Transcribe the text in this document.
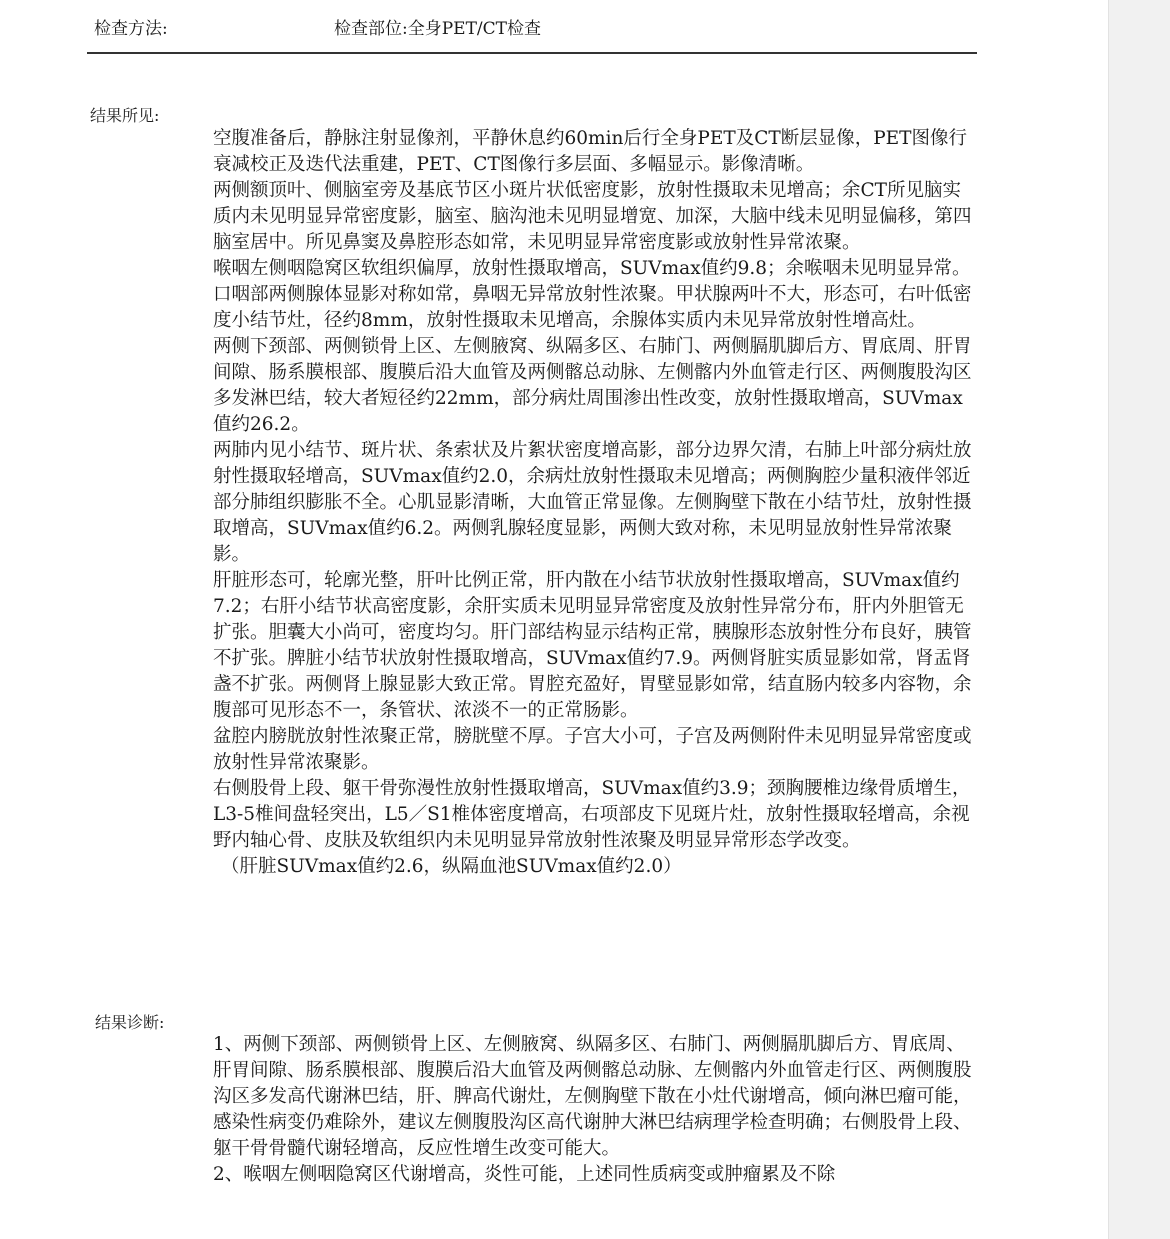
检查方法:	检查部位:全身PET/CT检查
结果所见:

空腹准备后，静脉注射显像剂，平静休息约60min后行全身PET及CT断层显像，PET图像行衰减校正及迭代法重建，PET、CT图像行多层面、多幅显示。影像清晰。

两侧额顶叶、侧脑室旁及基底节区小斑片状低密度影，放射性摄取未见增高；余CT所见脑实质内未见明显异常密度影，脑室、脑沟池未见明显增宽、加深，大脑中线未见明显偏移，第四脑室居中。所见鼻窦及鼻腔形态如常，未见明显异常密度影或放射性异常浓聚。

喉咽左侧咽隐窝区软组织偏厚，放射性摄取增高，SUVmax值约9.8；余喉咽未见明显异常。口咽部两侧腺体显影对称如常，鼻咽无异常放射性浓聚。甲状腺两叶不大，形态可，右叶低密度小结节灶，径约8mm，放射性摄取未见增高，余腺体实质内未见异常放射性增高灶。

两侧下颈部、两侧锁骨上区、左侧腋窝、纵隔多区、右肺门、两侧膈肌脚后方、胃底周、肝胃间隙、肠系膜根部、腹膜后沿大血管及两侧髂总动脉、左侧髂内外血管走行区、两侧腹股沟区多发淋巴结，较大者短径约22mm，部分病灶周围渗出性改变，放射性摄取增高，SUVmax值约26.2。

两肺内见小结节、斑片状、条索状及片絮状密度增高影，部分边界欠清，右肺上叶部分病灶放射性摄取轻增高，SUVmax值约2.0，余病灶放射性摄取未见增高；两侧胸腔少量积液伴邻近部分肺组织膨胀不全。心肌显影清晰，大血管正常显像。左侧胸壁下散在小结节灶，放射性摄取增高，SUVmax值约6.2。两侧乳腺轻度显影，两侧大致对称，未见明显放射性异常浓聚影。

肝脏形态可，轮廓光整，肝叶比例正常，肝内散在小结节状放射性摄取增高，SUVmax值约7.2；右肝小结节状高密度影，余肝实质未见明显异常密度及放射性异常分布，肝内外胆管无扩张。胆囊大小尚可，密度均匀。肝门部结构显示结构正常，胰腺形态放射性分布良好，胰管不扩张。脾脏小结节状放射性摄取增高，SUVmax值约7.9。两侧肾脏实质显影如常，肾盂肾盏不扩张。两侧肾上腺显影大致正常。胃腔充盈好，胃壁显影如常，结直肠内较多内容物，余腹部可见形态不一，条管状、浓淡不一的正常肠影。

盆腔内膀胱放射性浓聚正常，膀胱壁不厚。子宫大小可，子宫及两侧附件未见明显异常密度或放射性异常浓聚影。

右侧股骨上段、躯干骨弥漫性放射性摄取增高，SUVmax值约3.9；颈胸腰椎边缘骨质增生，L3-5椎间盘轻突出，L5／S1椎体密度增高，右项部皮下见斑片灶，放射性摄取轻增高，余视野内轴心骨、皮肤及软组织内未见明显异常放射性浓聚及明显异常形态学改变。

（肝脏SUVmax值约2.6，纵隔血池SUVmax值约2.0）

结果诊断:

1、两侧下颈部、两侧锁骨上区、左侧腋窝、纵隔多区、右肺门、两侧膈肌脚后方、胃底周、肝胃间隙、肠系膜根部、腹膜后沿大血管及两侧髂总动脉、左侧髂内外血管走行区、两侧腹股沟区多发高代谢淋巴结，肝、脾高代谢灶，左侧胸壁下散在小灶代谢增高，倾向淋巴瘤可能，感染性病变仍难除外，建议左侧腹股沟区高代谢肿大淋巴结病理学检查明确；右侧股骨上段、躯干骨骨髓代谢轻增高，反应性增生改变可能大。

2、喉咽左侧咽隐窝区代谢增高，炎性可能，上述同性质病变或肿瘤累及不除
